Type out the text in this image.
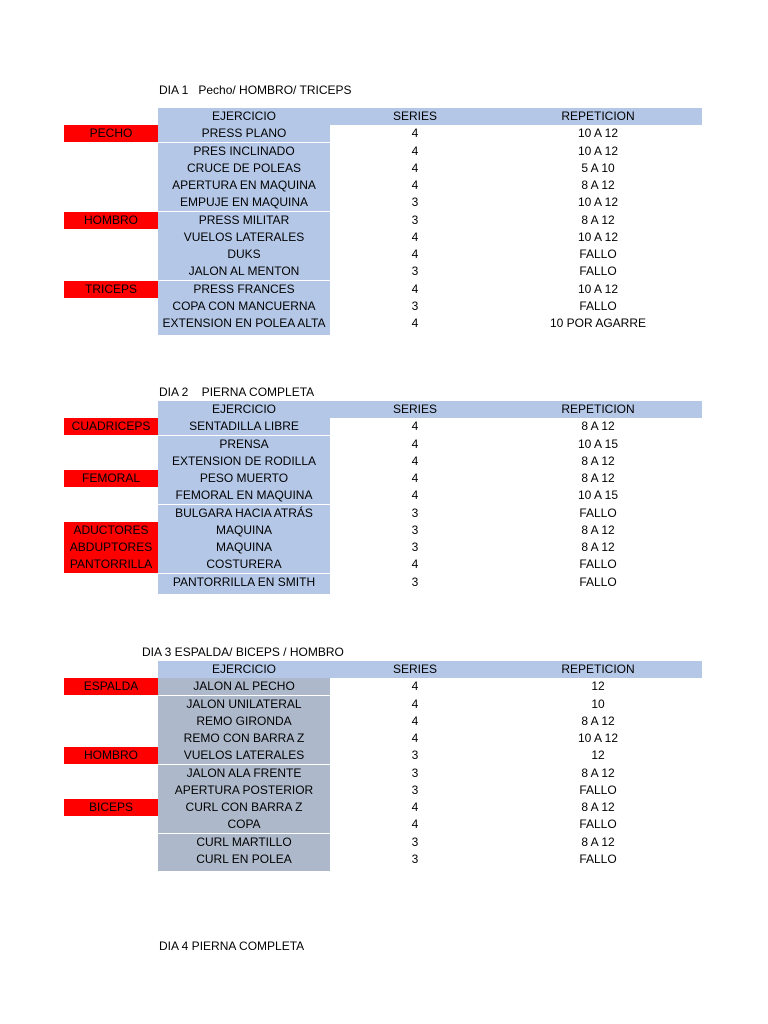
DIA 1   Pecho/ HOMBRO/ TRICEPS
EJERCICIO	SERIES	REPETICION
PECHO	PRESS PLANO	4	10 A 12
PRES INCLINADO	4	10 A 12
CRUCE DE POLEAS	4	5 A 10
APERTURA EN MAQUINA	4	8 A 12
EMPUJE EN MAQUINA	3	10 A 12
HOMBRO	PRESS MILITAR	3	8 A 12
VUELOS LATERALES	4	10 A 12
DUKS	4	FALLO
JALON AL MENTON	3	FALLO
TRICEPS	PRESS FRANCES	4	10 A 12
COPA CON MANCUERNA	3	FALLO
EXTENSION EN POLEA ALTA	4	10 POR AGARRE
DIA 2    PIERNA COMPLETA
EJERCICIO	SERIES	REPETICION
CUADRICEPS	SENTADILLA LIBRE	4	8 A 12
PRENSA	4	10 A 15
EXTENSION DE RODILLA	4	8 A 12
FEMORAL	PESO MUERTO	4	8 A 12
FEMORAL EN MAQUINA	4	10 A 15
BULGARA HACIA ATRÁS	3	FALLO
ADUCTORES	MAQUINA	3	8 A 12
ABDUPTORES	MAQUINA	3	8 A 12
PANTORRILLA	COSTURERA	4	FALLO
PANTORRILLA EN SMITH	3	FALLO
DIA 3 ESPALDA/ BICEPS / HOMBRO
EJERCICIO	SERIES	REPETICION
ESPALDA	JALON AL PECHO	4	12
JALON UNILATERAL	4	10
REMO GIRONDA	4	8 A 12
REMO CON BARRA Z	4	10 A 12
HOMBRO	VUELOS LATERALES	3	12
JALON ALA FRENTE	3	8 A 12
APERTURA POSTERIOR	3	FALLO
BICEPS	CURL CON BARRA Z	4	8 A 12
COPA	4	FALLO
CURL MARTILLO	3	8 A 12
CURL EN POLEA	3	FALLO
DIA 4 PIERNA COMPLETA
